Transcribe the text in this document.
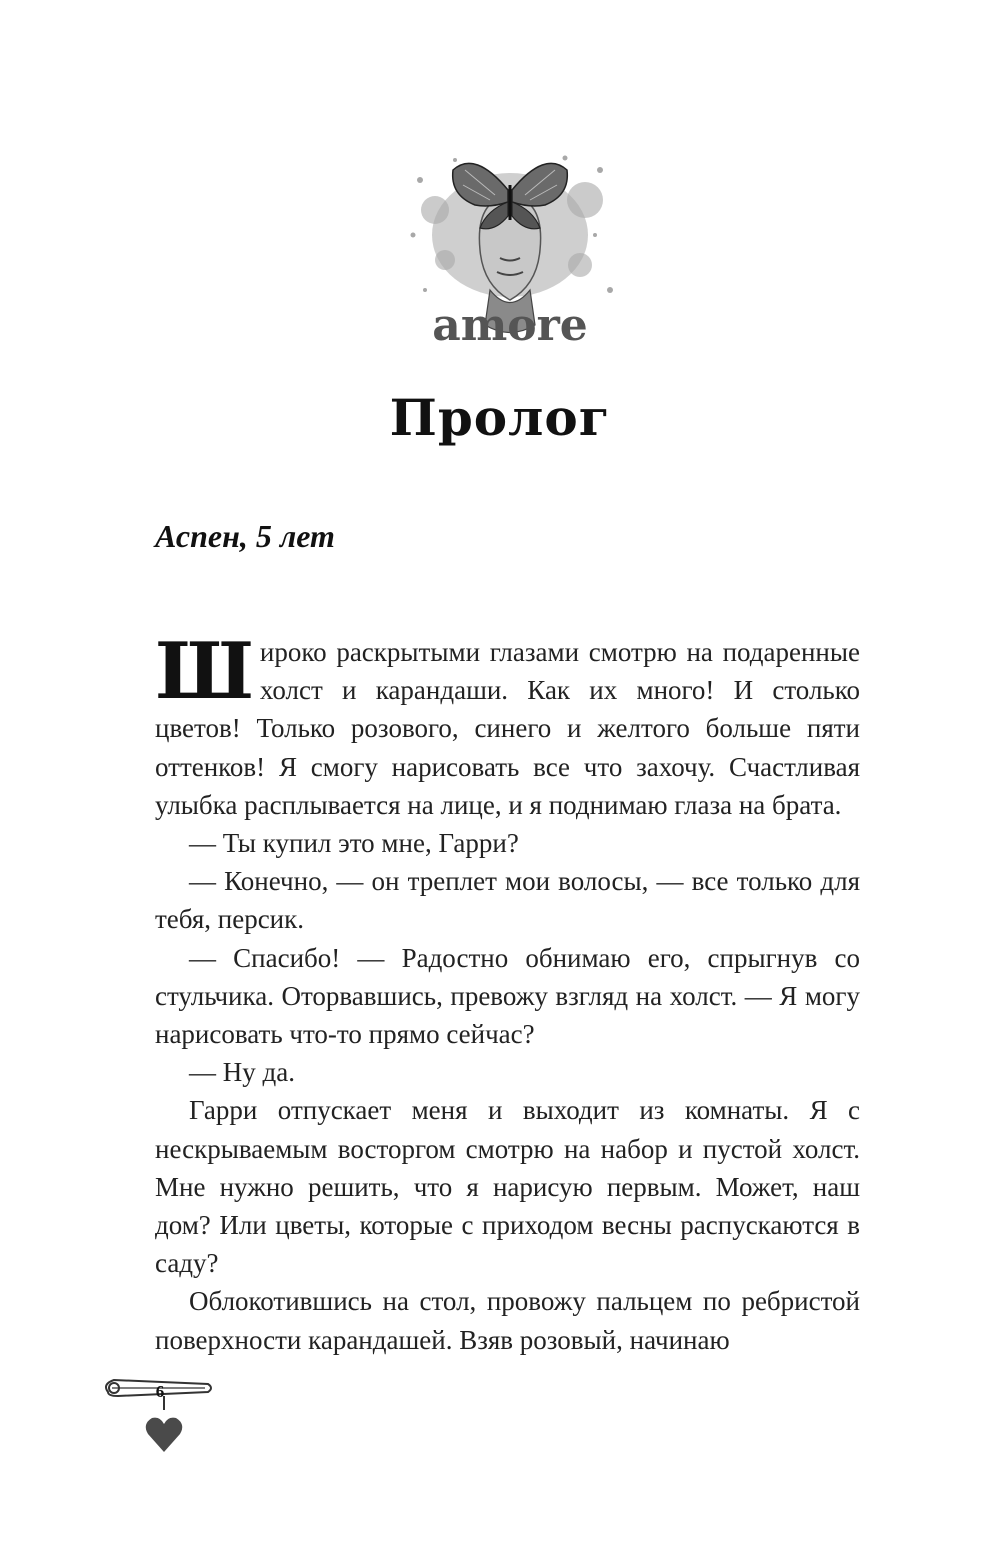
amore
Пролог
Аспен, 5 лет

Широко раскрытыми глазами смотрю на подаренные холст и карандаши. Как их много! И столько цветов! Только розового, синего и желтого больше пяти оттенков! Я смогу нарисовать все что захочу. Счастливая улыбка расплывается на лице, и я поднимаю глаза на брата.

— Ты купил это мне, Гарри?

— Конечно, — он треплет мои волосы, — все только для тебя, персик.

— Спасибо! — Радостно обнимаю его, спрыгнув со стульчика. Оторвавшись, превожу взгляд на холст. — Я могу нарисовать что-то прямо сейчас?

— Ну да.

Гарри отпускает меня и выходит из комнаты. Я с нескрываемым восторгом смотрю на набор и пустой холст. Мне нужно решить, что я нарисую первым. Может, наш дом? Или цветы, которые с приходом весны распускаются в саду?

Облокотившись на стол, провожу пальцем по ребристой поверхности карандашей. Взяв розовый, начинаю

6
